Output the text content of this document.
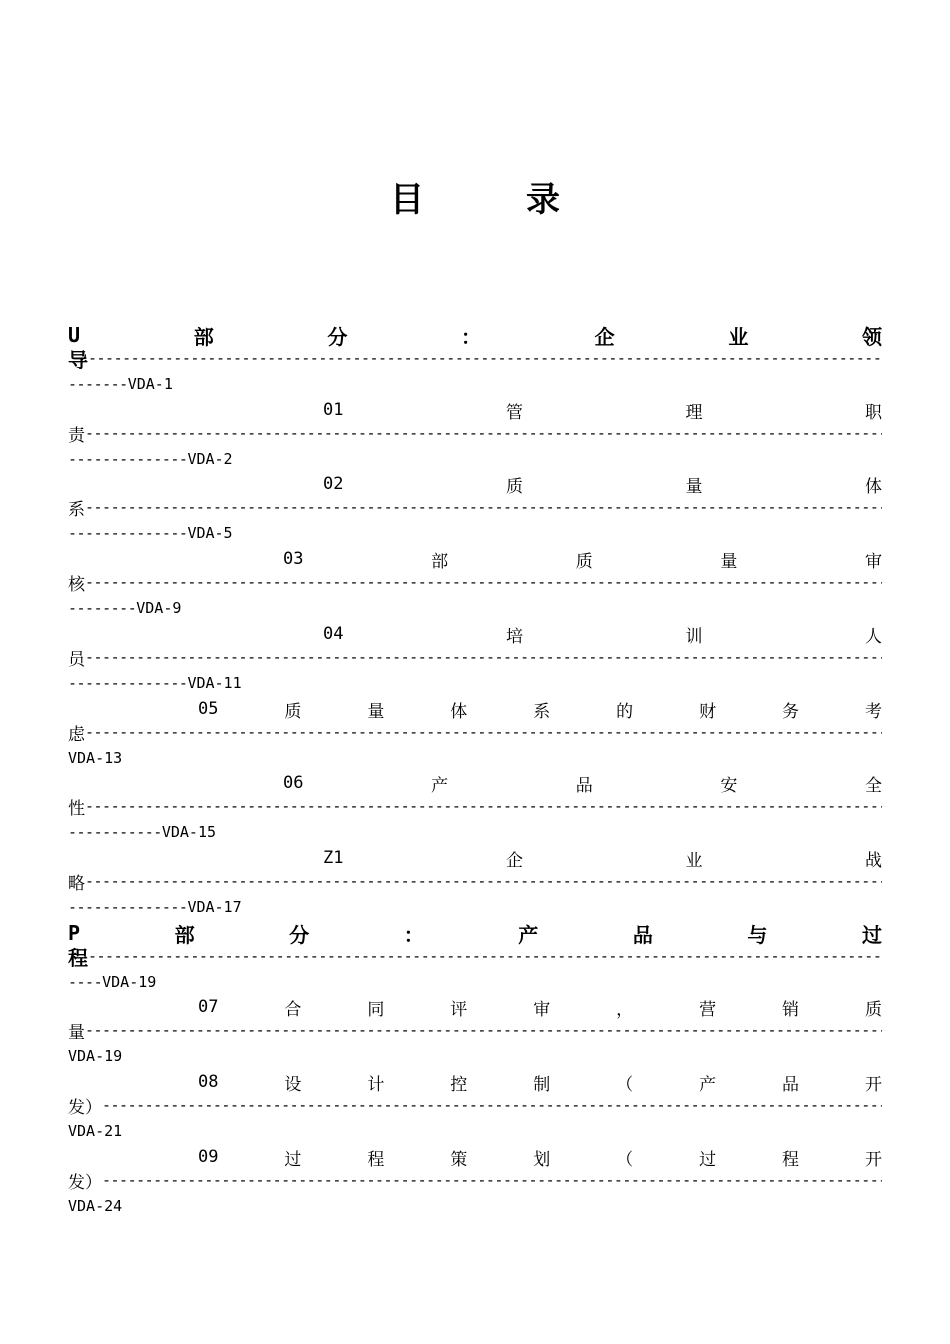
目　录
U	部	分	：	企	业	领
导
-----
------- VDA-1
01	管	理	职
责
-----
-------------- VDA-2
02	质	量	体
系
-----
-------------- VDA-5
03	部	质	量	审
核
-----
-------- VDA-9
04	培	训	人
员
-----
-------------- VDA-11
05	质	量	体	系	的	财	务	考
虑
-----
VDA-13
06	产	品	安	全
性
-----
----------- VDA-15
Z1	企	业	战
略
-----
-------------- VDA-17
P	部	分	：	产	品	与	过
程
-----
---- VDA-19
07	合	同	评	审	，	营	销	质
量
-----
VDA-19
08	设	计	控	制	（	产	品	开
发）
-----
VDA-21
09	过	程	策	划	（	过	程	开
发）
-----
VDA-24
